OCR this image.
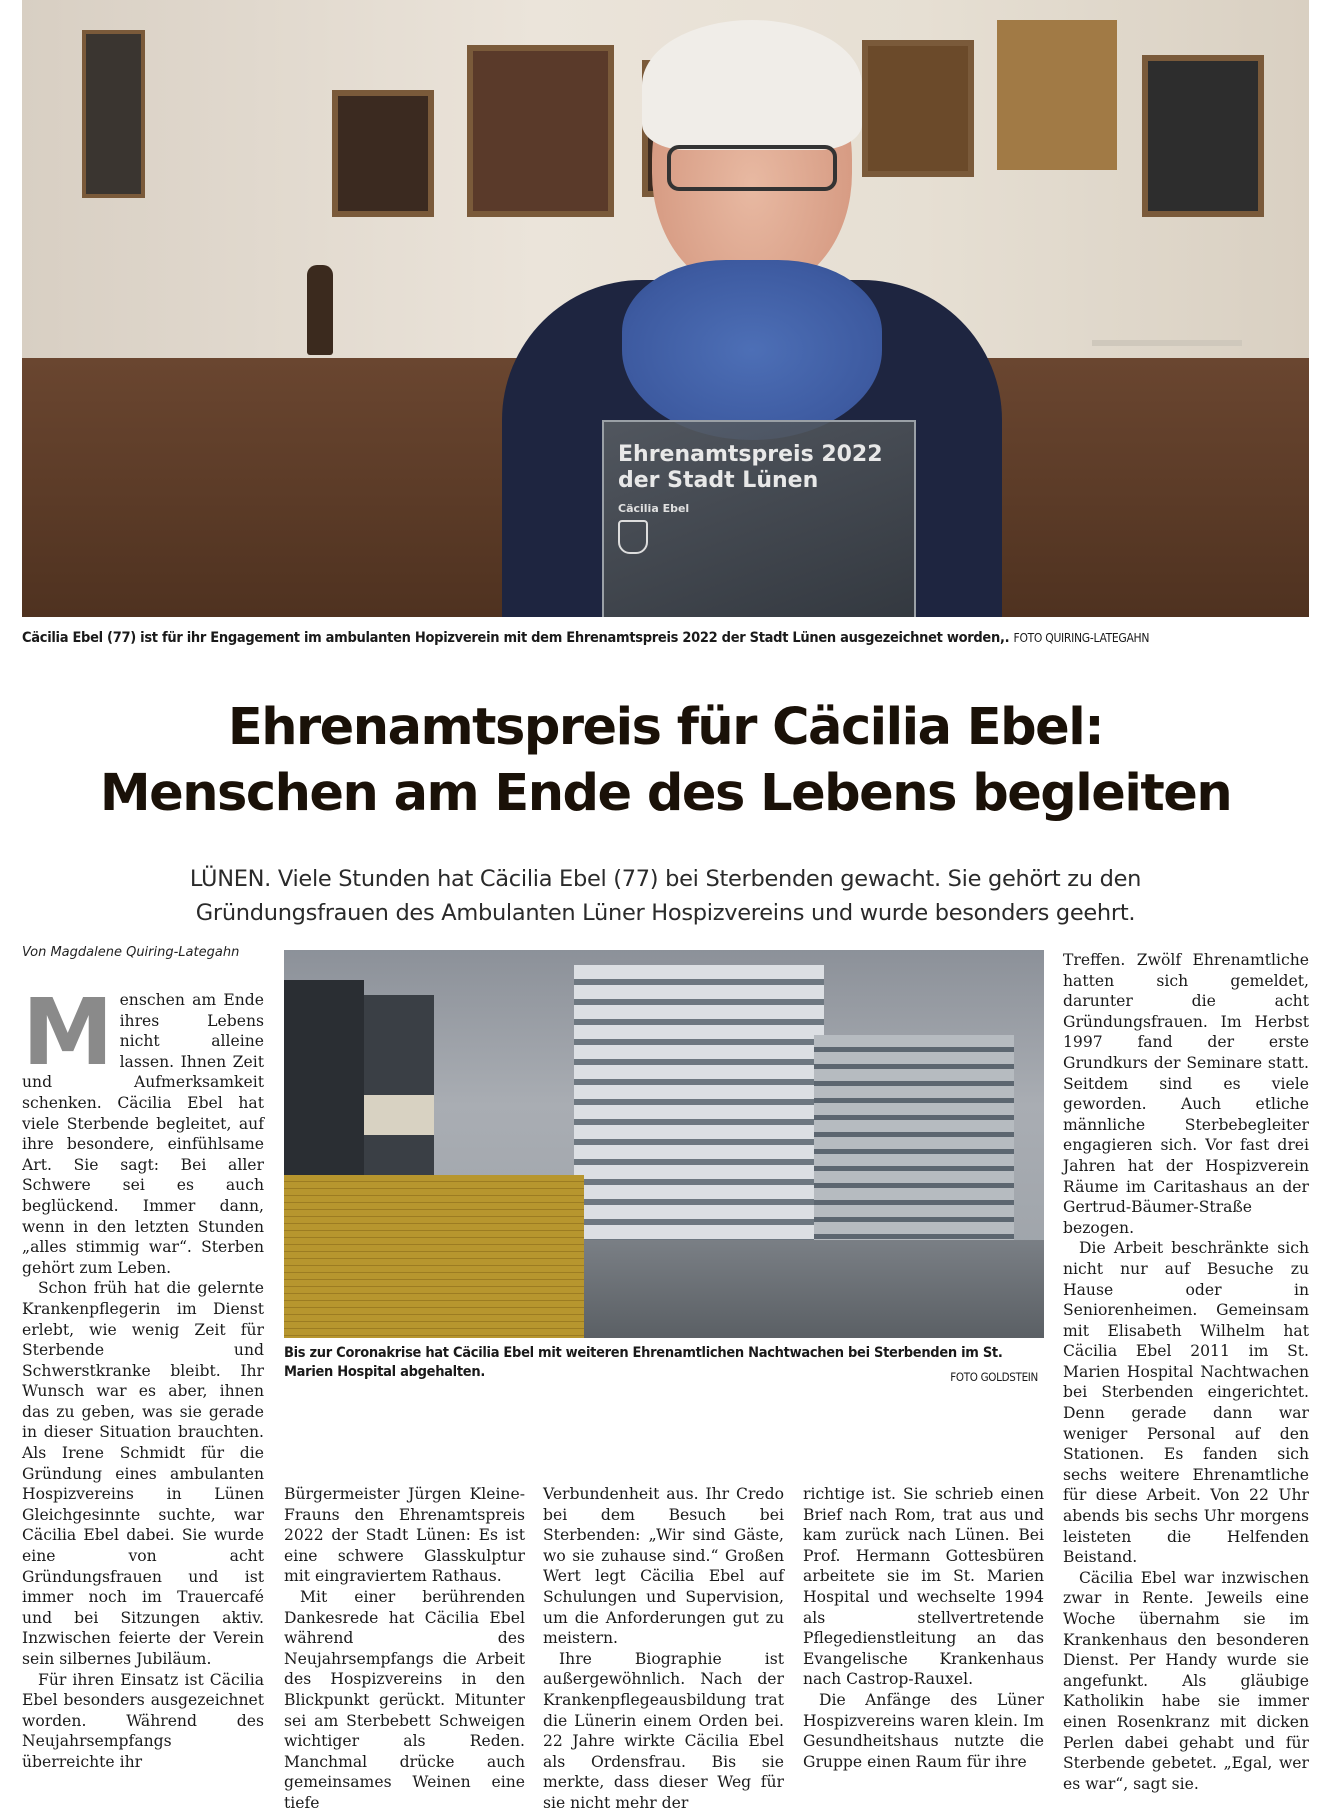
Ehrenamtspreis 2022 der Stadt Lünen
Cäcilia Ebel
Cäcilia Ebel (77) ist für ihr Engagement im ambulanten Hopizverein mit dem Ehrenamtspreis 2022 der Stadt Lünen ausgezeichnet worden,. FOTO QUIRING-LATEGAHN
Ehrenamtspreis für Cäcilia Ebel:
Menschen am Ende des Lebens begleiten
LÜNEN. Viele Stunden hat Cäcilia Ebel (77) bei Sterbenden gewacht. Sie gehört zu den
Gründungsfrauen des Ambulanten Lüner Hospizvereins und wurde besonders geehrt.
Von Magdalene Quiring-Lategahn
M enschen am Ende ihres Lebens nicht alleine lassen. Ihnen Zeit und Aufmerksamkeit schenken. Cäcilia Ebel hat viele Sterbende begleitet, auf ihre besondere, einfühlsame Art. Sie sagt: Bei aller Schwere sei es auch beglückend. Immer dann, wenn in den letzten Stunden „alles stimmig war“. Sterben gehört zum Leben.

Schon früh hat die gelernte Krankenpflegerin im Dienst erlebt, wie wenig Zeit für Sterbende und Schwerstkranke bleibt. Ihr Wunsch war es aber, ihnen das zu geben, was sie gerade in dieser Situation brauchten. Als Irene Schmidt für die Gründung eines ambulanten Hospizvereins in Lünen Gleichgesinnte suchte, war Cäcilia Ebel dabei. Sie wurde eine von acht Gründungsfrauen und ist immer noch im Trauercafé und bei Sitzungen aktiv. Inzwischen feierte der Verein sein silbernes Jubiläum.

Für ihren Einsatz ist Cäcilia Ebel besonders ausgezeichnet worden. Während des Neujahrsempfangs überreichte ihr

Bis zur Coronakrise hat Cäcilia Ebel mit weiteren Ehrenamtlichen Nachtwachen bei Sterbenden im St. Marien Hospital abgehalten.	FOTO GOLDSTEIN

Bürgermeister Jürgen Kleine-Frauns den Ehrenamtspreis 2022 der Stadt Lünen: Es ist eine schwere Glasskulptur mit eingraviertem Rathaus.

Mit einer berührenden Dankesrede hat Cäcilia Ebel während des Neujahrsempfangs die Arbeit des Hospizvereins in den Blickpunkt gerückt. Mitunter sei am Sterbebett Schweigen wichtiger als Reden. Manchmal drücke auch gemeinsames Weinen eine tiefe

Verbundenheit aus. Ihr Credo bei dem Besuch bei Sterbenden: „Wir sind Gäste, wo sie zuhause sind.“ Großen Wert legt Cäcilia Ebel auf Schulungen und Supervision, um die Anforderungen gut zu meistern.

Ihre Biographie ist außergewöhnlich. Nach der Krankenpflegeausbildung trat die Lünerin einem Orden bei. 22 Jahre wirkte Cäcilia Ebel als Ordensfrau. Bis sie merkte, dass dieser Weg für sie nicht mehr der

richtige ist. Sie schrieb einen Brief nach Rom, trat aus und kam zurück nach Lünen. Bei Prof. Hermann Gottesbüren arbeitete sie im St. Marien Hospital und wechselte 1994 als stellvertretende Pflegedienstleitung an das Evangelische Krankenhaus nach Castrop-Rauxel.

Die Anfänge des Lüner Hospizvereins waren klein. Im Gesundheitshaus nutzte die Gruppe einen Raum für ihre

Treffen. Zwölf Ehrenamtliche hatten sich gemeldet, darunter die acht Gründungsfrauen. Im Herbst 1997 fand der erste Grundkurs der Seminare statt. Seitdem sind es viele geworden. Auch etliche männliche Sterbebegleiter engagieren sich. Vor fast drei Jahren hat der Hospizverein Räume im Caritashaus an der Gertrud-Bäumer-Straße bezogen.

Die Arbeit beschränkte sich nicht nur auf Besuche zu Hause oder in Seniorenheimen. Gemeinsam mit Elisabeth Wilhelm hat Cäcilia Ebel 2011 im St. Marien Hospital Nachtwachen bei Sterbenden eingerichtet. Denn gerade dann war weniger Personal auf den Stationen. Es fanden sich sechs weitere Ehrenamtliche für diese Arbeit. Von 22 Uhr abends bis sechs Uhr morgens leisteten die Helfenden Beistand.

Cäcilia Ebel war inzwischen zwar in Rente. Jeweils eine Woche übernahm sie im Krankenhaus den besonderen Dienst. Per Handy wurde sie angefunkt. Als gläubige Katholikin habe sie immer einen Rosenkranz mit dicken Perlen dabei gehabt und für Sterbende gebetet. „Egal, wer es war“, sagt sie.
